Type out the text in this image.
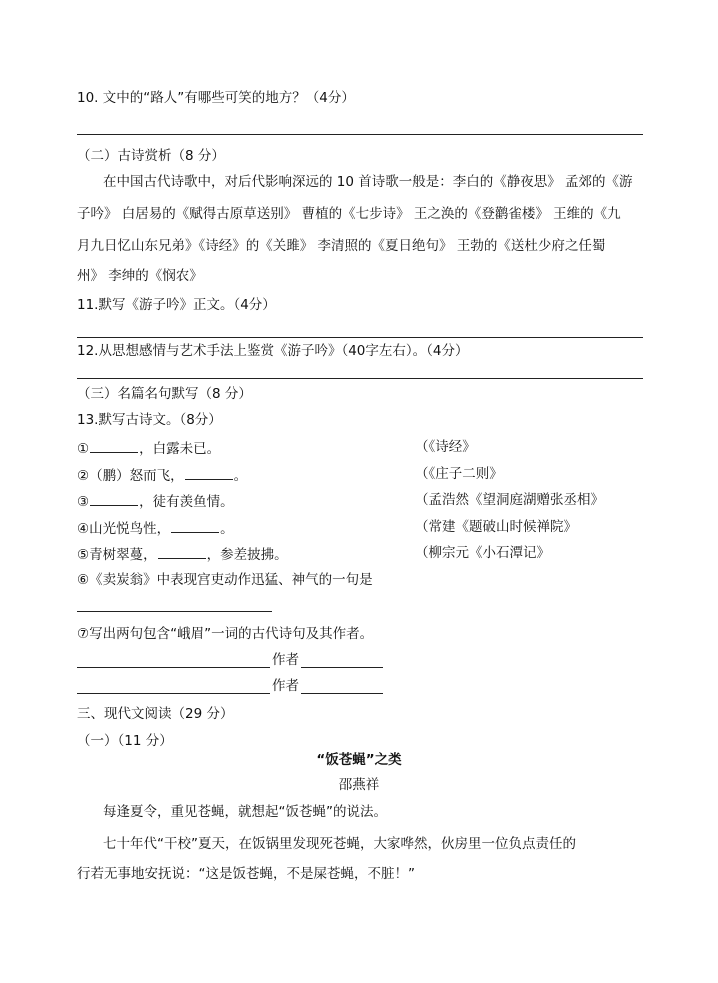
10. 文中的“路人”有哪些可笑的地方？（4分）
（二）古诗赏析（8 分）
在中国古代诗歌中，对后代影响深远的 10 首诗歌一般是：李白的《静夜思》 孟郊的《游
子吟》 白居易的《赋得古原草送别》 曹植的《七步诗》 王之涣的《登鹳雀楼》 王维的《九
月九日忆山东兄弟》《诗经》的《关雎》 李清照的《夏日绝句》 王勃的《送杜少府之任蜀
州》 李绅的《悯农》
11.默写《游子吟》正文。（4分）
12.从思想感情与艺术手法上鉴赏《游子吟》（40字左右）。（4分）
（三）名篇名句默写（8 分）
13.默写古诗文。（8分）
①	，白露未已。	（《诗经》
②（鹏）怒而飞，	。	（《庄子二则》
③	，徒有羡鱼情。	（孟浩然《望洞庭湖赠张丞相》
④山光悦鸟性，	。	（常建《题破山时候禅院》
⑤青树翠蔓，	，参差披拂。	（柳宗元《小石潭记》
⑥《卖炭翁》中表现宫吏动作迅猛、神气的一句是
⑦写出两句包含“峨眉”一词的古代诗句及其作者。
作者
作者
三、现代文阅读（29 分）
（一）（11 分）
“饭苍蝇”之类
邵燕祥
每逢夏令，重见苍蝇，就想起“饭苍蝇”的说法。
七十年代“干校”夏天，在饭锅里发现死苍蝇，大家哗然，伙房里一位负点责任的
行若无事地安抚说：“这是饭苍蝇，不是屎苍蝇，不脏！”
